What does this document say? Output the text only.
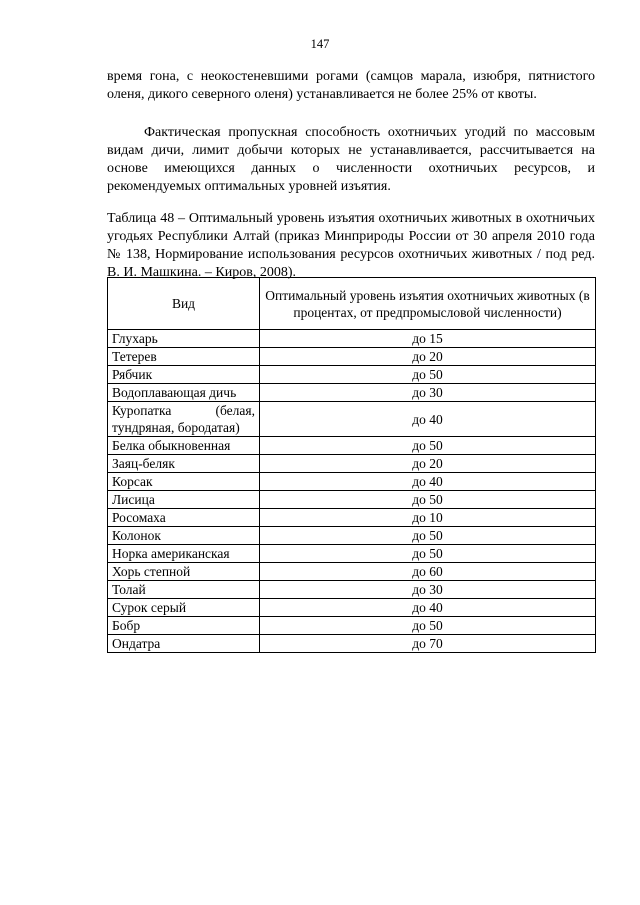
147

время гона, с неокостеневшими рогами (самцов марала, изюбря, пятнистого оленя, дикого северного оленя) устанавливается не более 25% от квоты.

Фактическая пропускная способность охотничьих угодий по массовым видам дичи, лимит добычи которых не устанавливается, рассчитывается на основе имеющихся данных о численности охотничьих ресурсов, и рекомендуемых оптимальных уровней изъятия.

Таблица 48 – Оптимальный уровень изъятия охотничьих животных в охотничьих угодьях Республики Алтай (приказ Минприроды России от 30 апреля 2010 года № 138, Нормирование использования ресурсов охотничьих животных / под ред. В. И. Машкина. – Киров, 2008).

Вид	Оптимальный уровень изъятия охотничьих животных (в процентах, от предпромысловой численности)
Глухарь	до 15
Тетерев	до 20
Рябчик	до 50
Водоплавающая дичь	до 30
Куропатка (белая, тундряная, бородатая)	до 40
Белка обыкновенная	до 50
Заяц-беляк	до 20
Корсак	до 40
Лисица	до 50
Росомаха	до 10
Колонок	до 50
Норка американская	до 50
Хорь степной	до 60
Толай	до 30
Сурок серый	до 40
Бобр	до 50
Ондатра	до 70
